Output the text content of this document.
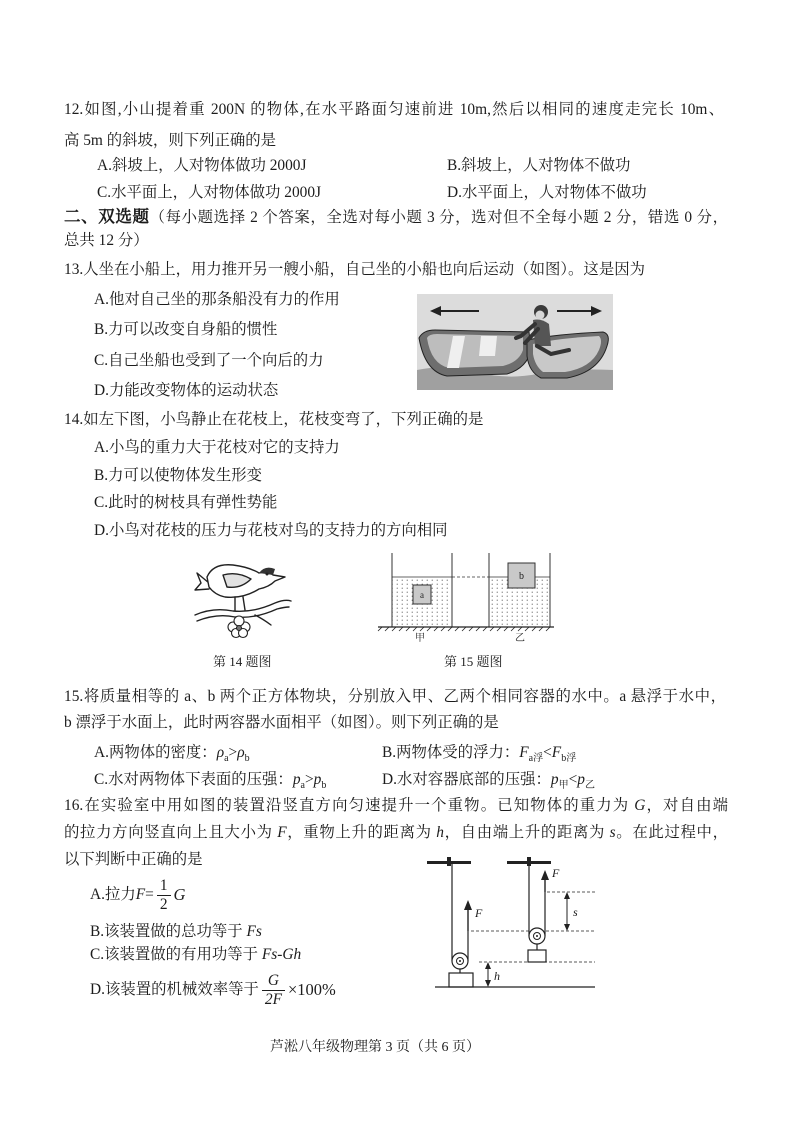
12.如图,小山提着重 200N 的物体,在水平路面匀速前进 10m,然后以相同的速度走完长 10m、
高 5m 的斜坡，则下列正确的是
A.斜坡上，人对物体做功 2000J	B.斜坡上，人对物体不做功
C.水平面上，人对物体做功 2000J	D.水平面上，人对物体不做功
二、双选题（每小题选择 2 个答案，全选对每小题 3 分，选对但不全每小题 2 分，错选 0 分，
总共 12 分）
13.人坐在小船上，用力推开另一艘小船，自己坐的小船也向后运动（如图）。这是因为
A.他对自己坐的那条船没有力的作用
B.力可以改变自身船的惯性
C.自己坐船也受到了一个向后的力
D.力能改变物体的运动状态
14.如左下图，小鸟静止在花枝上，花枝变弯了，下列正确的是
A.小鸟的重力大于花枝对它的支持力
B.力可以使物体发生形变
C.此时的树枝具有弹性势能
D.小鸟对花枝的压力与花枝对鸟的支持力的方向相同
第 14 题图
a
b
甲	乙
第 15 题图
15.将质量相等的 a、b 两个正方体物块，分别放入甲、乙两个相同容器的水中。a 悬浮于水中，
b 漂浮于水面上，此时两容器水面相平（如图）。则下列正确的是
A.两物体的密度：$\rho_a>\rho_b$	B.两物体受的浮力：$F_{a浮}<F_{b浮}$
C.水对两物体下表面的压强：$p_a>p_b$	D.水对容器底部的压强：$p_甲<p_乙$
16.在实验室中用如图的装置沿竖直方向匀速提升一个重物。已知物体的重力为 G，对自由端
的拉力方向竖直向上且大小为 F，重物上升的距离为 h，自由端上升的距离为 s。在此过程中，
以下判断中正确的是
A.拉力 $F = \frac{1}{2}$ G
B.该装置做的总功等于 Fs
C.该装置做的有用功等于 Fs-Gh
D.该装置的机械效率等于 $\frac{G}{2F} \times 100\%$
F
F
s
h
芦淞八年级物理第 3 页（共 6 页）
